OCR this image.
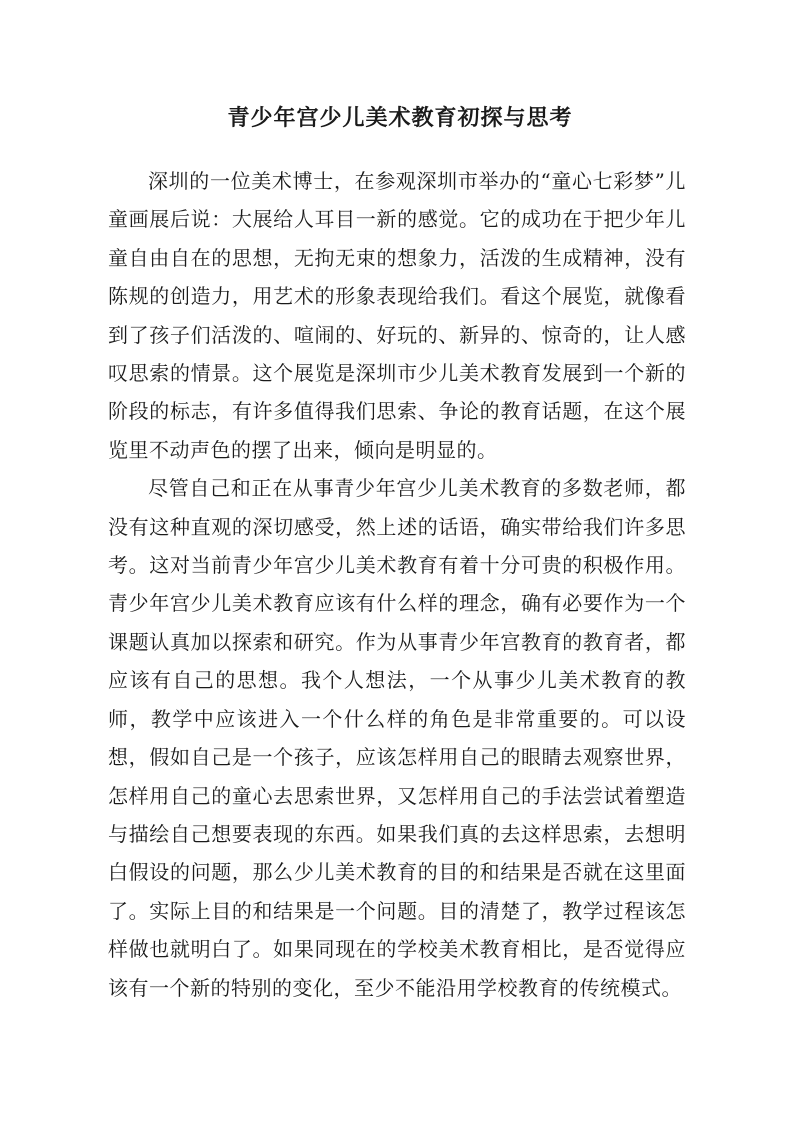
青少年宫少儿美术教育初探与思考

深圳的一位美术博士，在参观深圳市举办的“童心七彩梦”儿童画展后说：大展给人耳目一新的感觉。它的成功在于把少年儿童自由自在的思想，无拘无束的想象力，活泼的生成精神，没有陈规的创造力，用艺术的形象表现给我们。看这个展览，就像看到了孩子们活泼的、喧闹的、好玩的、新异的、惊奇的，让人感叹思索的情景。这个展览是深圳市少儿美术教育发展到一个新的阶段的标志，有许多值得我们思索、争论的教育话题，在这个展览里不动声色的摆了出来，倾向是明显的。

尽管自己和正在从事青少年宫少儿美术教育的多数老师，都没有这种直观的深切感受，然上述的话语，确实带给我们许多思考。这对当前青少年宫少儿美术教育有着十分可贵的积极作用。青少年宫少儿美术教育应该有什么样的理念，确有必要作为一个课题认真加以探索和研究。作为从事青少年宫教育的教育者，都应该有自己的思想。我个人想法，一个从事少儿美术教育的教师，教学中应该进入一个什么样的角色是非常重要的。可以设想，假如自己是一个孩子，应该怎样用自己的眼睛去观察世界，怎样用自己的童心去思索世界，又怎样用自己的手法尝试着塑造与描绘自己想要表现的东西。如果我们真的去这样思索，去想明白假设的问题，那么少儿美术教育的目的和结果是否就在这里面了。实际上目的和结果是一个问题。目的清楚了，教学过程该怎样做也就明白了。如果同现在的学校美术教育相比，是否觉得应该有一个新的特别的变化，至少不能沿用学校教育的传统模式。
